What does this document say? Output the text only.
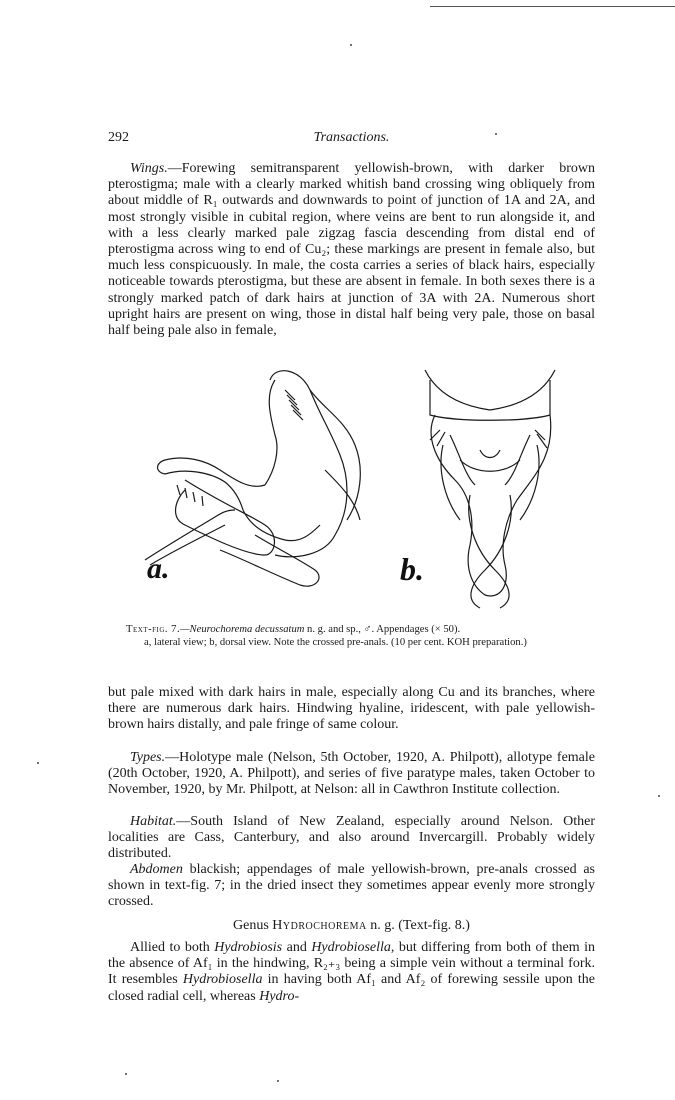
292	Transactions.

Wings.—Forewing semitransparent yellowish-brown, with darker brown pterostigma; male with a clearly marked whitish band crossing wing obliquely from about middle of R₁ outwards and downwards to point of junction of 1A and 2A, and most strongly visible in cubital region, where veins are bent to run alongside it, and with a less clearly marked pale zigzag fascia descending from distal end of pterostigma across wing to end of Cu₂; these markings are present in female also, but much less conspicuously. In male, the costa carries a series of black hairs, especially noticeable towards pterostigma, but these are absent in female. In both sexes there is a strongly marked patch of dark hairs at junction of 3A with 2A. Numerous short upright hairs are present on wing, those in distal half being very pale, those on basal half being pale also in female,

a.	b.

Text-fig. 7.—Neurochorema decussatum n. g. and sp., ♂. Appendages (× 50).
a, lateral view; b, dorsal view. Note the crossed pre-anals. (10 per cent. KOH preparation.)

but pale mixed with dark hairs in male, especially along Cu and its branches, where there are numerous dark hairs. Hindwing hyaline, iridescent, with pale yellowish-brown hairs distally, and pale fringe of same colour.

Types.—Holotype male (Nelson, 5th October, 1920, A. Philpott), allotype female (20th October, 1920, A. Philpott), and series of five paratype males, taken October to November, 1920, by Mr. Philpott, at Nelson: all in Cawthron Institute collection.

Habitat.—South Island of New Zealand, especially around Nelson. Other localities are Cass, Canterbury, and also around Invercargill. Probably widely distributed.

Abdomen blackish; appendages of male yellowish-brown, pre-anals crossed as shown in text-fig. 7; in the dried insect they sometimes appear evenly more strongly crossed.

Genus Hydrochorema n. g. (Text-fig. 8.)

Allied to both Hydrobiosis and Hydrobiosella, but differing from both of them in the absence of Af₁ in the hindwing, R₂₊₃ being a simple vein without a terminal fork. It resembles Hydrobiosella in having both Af₁ and Af₂ of forewing sessile upon the closed radial cell, whereas Hydro-
